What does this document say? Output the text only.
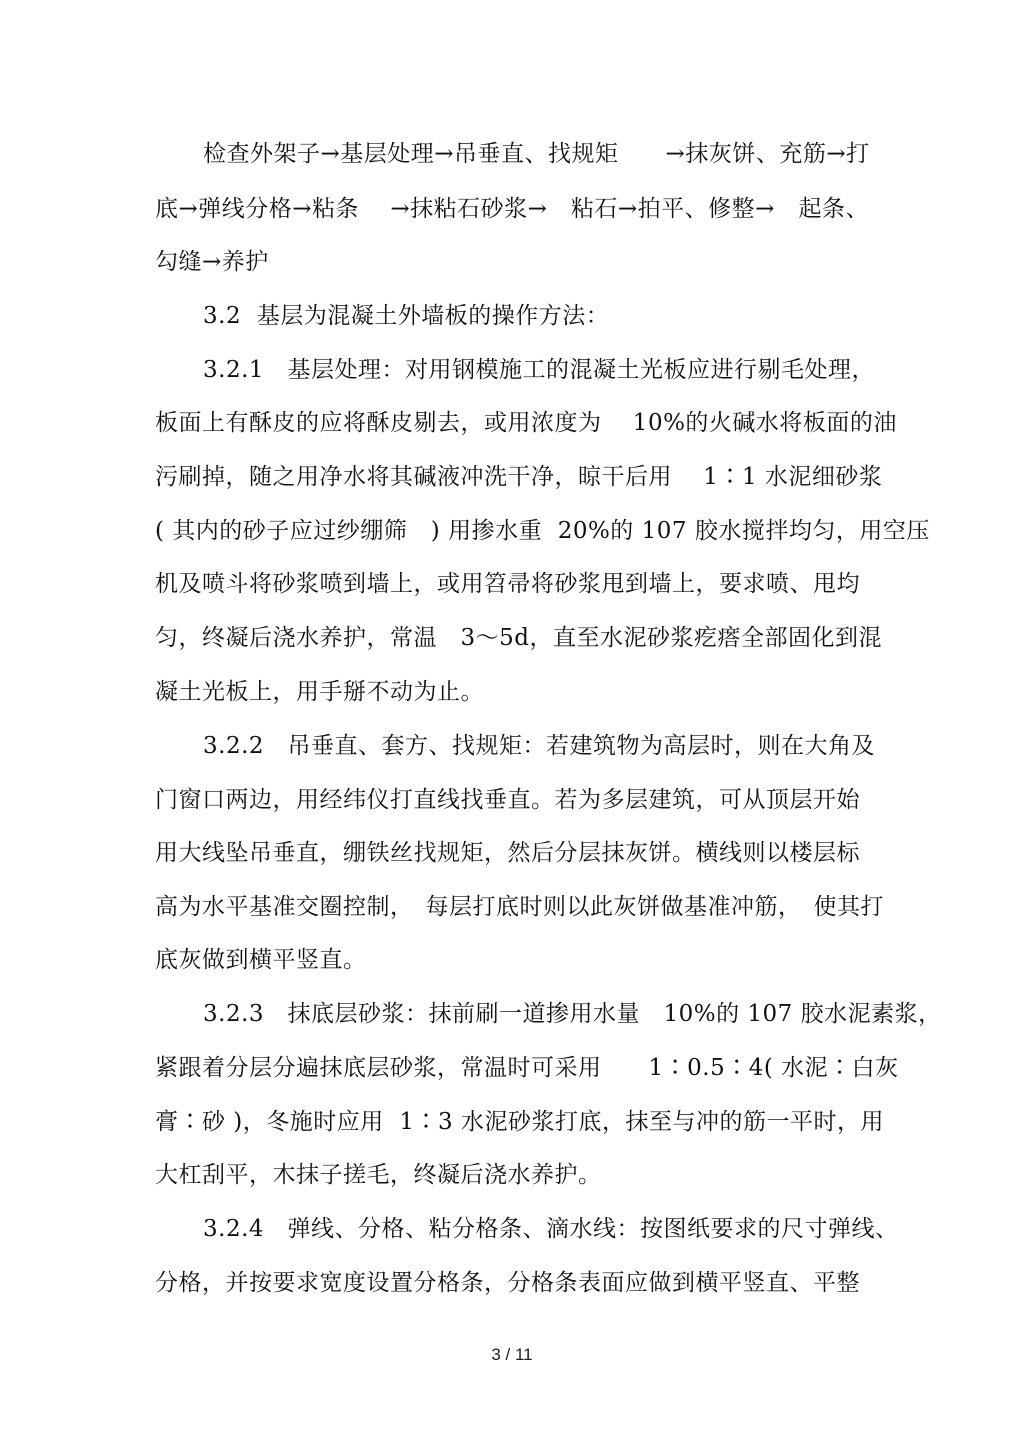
检查外架子→基层处理→吊垂直、找规矩　　→抹灰饼、充筋→打
底→弹线分格→粘条　 →抹粘石砂浆→　粘石→拍平、修整→　起条、
勾缝→养护
3.2  基层为混凝土外墙板的操作方法：
3.2.1   基层处理：对用钢模施工的混凝土光板应进行剔毛处理，
板面上有酥皮的应将酥皮剔去，或用浓度为　 10%的火碱水将板面的油
污刷掉，随之用净水将其碱液冲洗干净，晾干后用　 1∶1 水泥细砂浆
( 其内的砂子应过纱绷筛　) 用掺水重  20%的 107 胶水搅拌均匀，用空压
机及喷斗将砂浆喷到墙上，或用笤帚将砂浆甩到墙上，要求喷、甩均
匀，终凝后浇水养护，常温　3～5d，直至水泥砂浆疙瘩全部固化到混
凝土光板上，用手掰不动为止。
3.2.2   吊垂直、套方、找规矩：若建筑物为高层时，则在大角及
门窗口两边，用经纬仪打直线找垂直。若为多层建筑，可从顶层开始
用大线坠吊垂直，绷铁丝找规矩，然后分层抹灰饼。横线则以楼层标
高为水平基准交圈控制，　每层打底时则以此灰饼做基准冲筋，　使其打
底灰做到横平竖直。
3.2.3   抹底层砂浆：抹前刷一道掺用水量　10%的 107 胶水泥素浆，
紧跟着分层分遍抹底层砂浆，常温时可采用　　1∶0.5∶4( 水泥∶白灰
膏∶砂 )，冬施时应用  1∶3 水泥砂浆打底，抹至与冲的筋一平时，用
大杠刮平，木抹子搓毛，终凝后浇水养护。
3.2.4   弹线、分格、粘分格条、滴水线：按图纸要求的尺寸弹线、
分格，并按要求宽度设置分格条，分格条表面应做到横平竖直、平整
3 / 11
